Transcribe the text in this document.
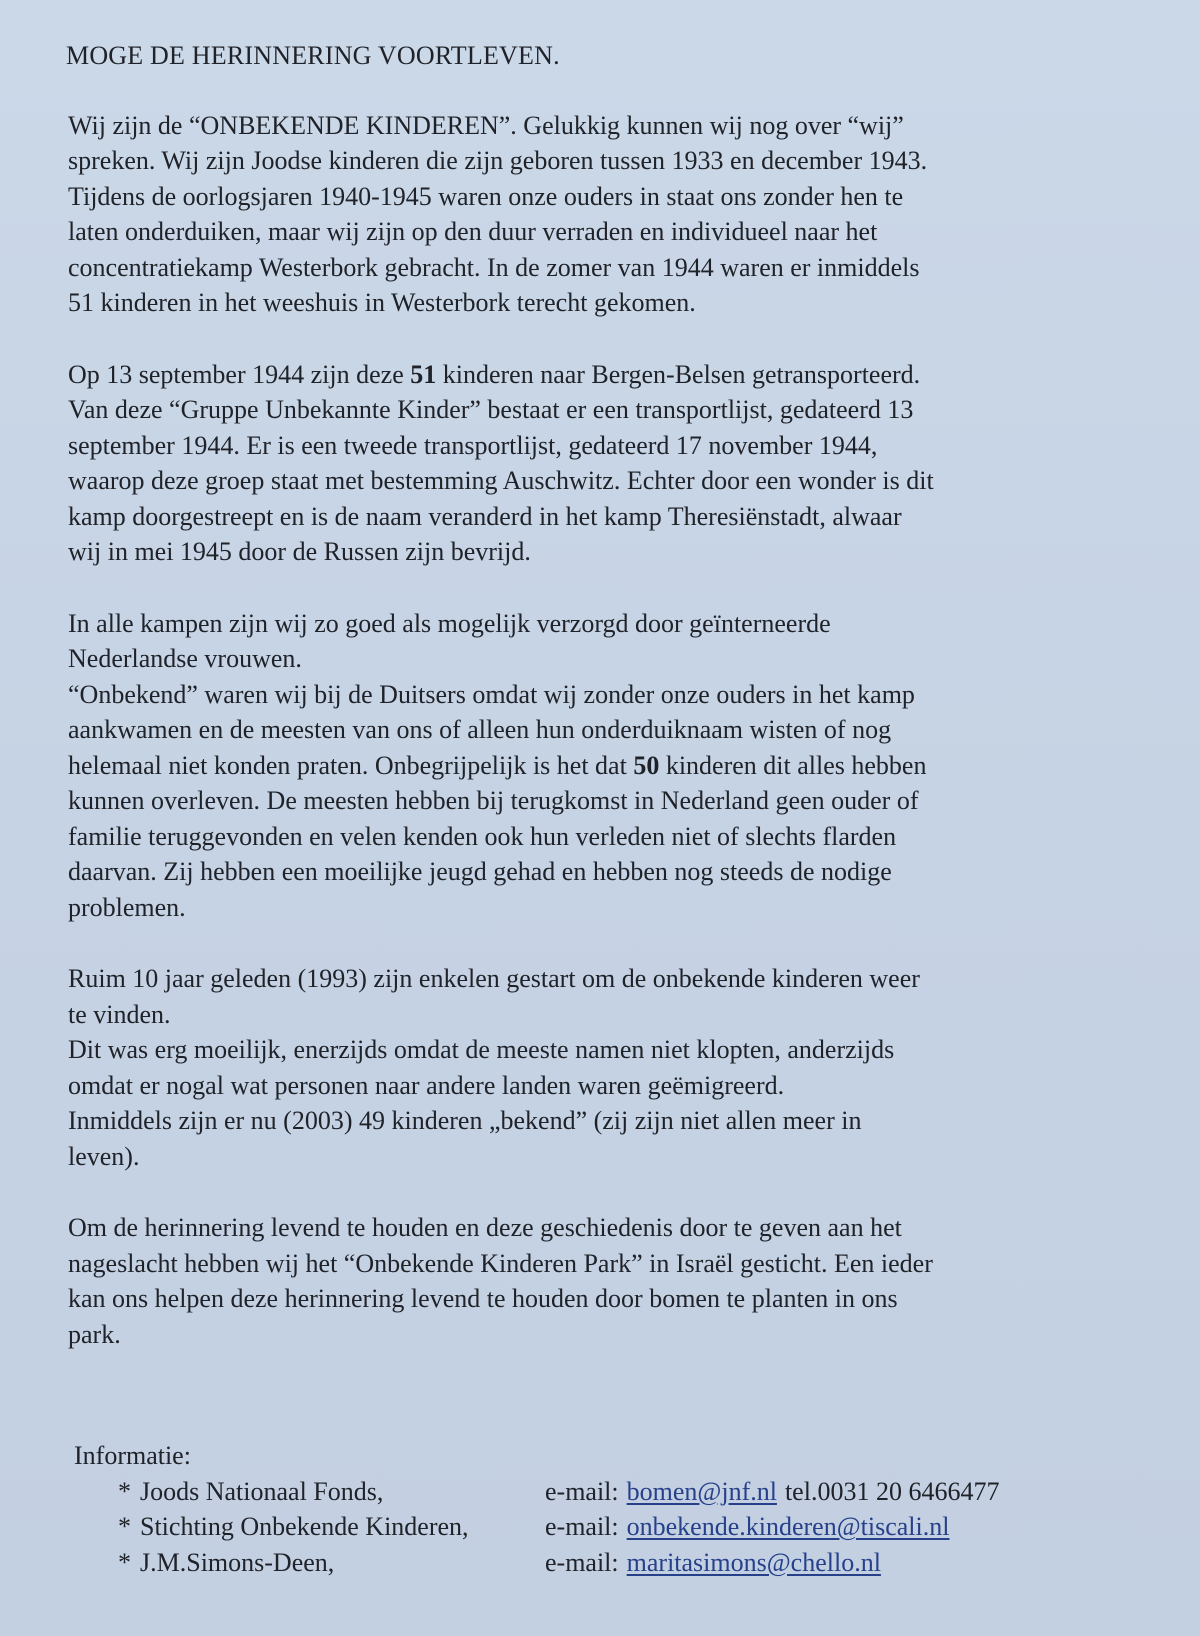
MOGE DE HERINNERING VOORTLEVEN.

Wij zijn de “ONBEKENDE KINDEREN”. Gelukkig kunnen wij nog over “wij”
spreken. Wij zijn Joodse kinderen die zijn geboren tussen 1933 en december 1943.
Tijdens de oorlogsjaren 1940-1945 waren onze ouders in staat ons zonder hen te
laten onderduiken, maar wij zijn op den duur verraden en individueel naar het
concentratiekamp Westerbork gebracht. In de zomer van 1944 waren er inmiddels
51 kinderen in het weeshuis in Westerbork terecht gekomen.

Op 13 september 1944 zijn deze 51 kinderen naar Bergen-Belsen getransporteerd.
Van deze “Gruppe Unbekannte Kinder” bestaat er een transportlijst, gedateerd 13
september 1944. Er is een tweede transportlijst, gedateerd 17 november 1944,
waarop deze groep staat met bestemming Auschwitz. Echter door een wonder is dit
kamp doorgestreept en is de naam veranderd in het kamp Theresiënstadt, alwaar
wij in mei 1945 door de Russen zijn bevrijd.

In alle kampen zijn wij zo goed als mogelijk verzorgd door geïnterneerde
Nederlandse vrouwen.
“Onbekend” waren wij bij de Duitsers omdat wij zonder onze ouders in het kamp
aankwamen en de meesten van ons of alleen hun onderduiknaam wisten of nog
helemaal niet konden praten. Onbegrijpelijk is het dat 50 kinderen dit alles hebben
kunnen overleven. De meesten hebben bij terugkomst in Nederland geen ouder of
familie teruggevonden en velen kenden ook hun verleden niet of slechts flarden
daarvan. Zij hebben een moeilijke jeugd gehad en hebben nog steeds de nodige
problemen.

Ruim 10 jaar geleden (1993) zijn enkelen gestart om de onbekende kinderen weer
te vinden.
Dit was erg moeilijk, enerzijds omdat de meeste namen niet klopten, anderzijds
omdat er nogal wat personen naar andere landen waren geëmigreerd.
Inmiddels zijn er nu (2003) 49 kinderen „bekend” (zij zijn niet allen meer in
leven).

Om de herinnering levend te houden en deze geschiedenis door te geven aan het
nageslacht hebben wij het “Onbekende Kinderen Park” in Israël gesticht. Een ieder
kan ons helpen deze herinnering levend te houden door bomen te planten in ons
park.

Informatie:
* Joods Nationaal Fonds,	e-mail: bomen@jnf.nl tel.0031 20 6466477
* Stichting Onbekende Kinderen,	e-mail: onbekende.kinderen@tiscali.nl
* J.M.Simons-Deen,	e-mail: maritasimons@chello.nl
